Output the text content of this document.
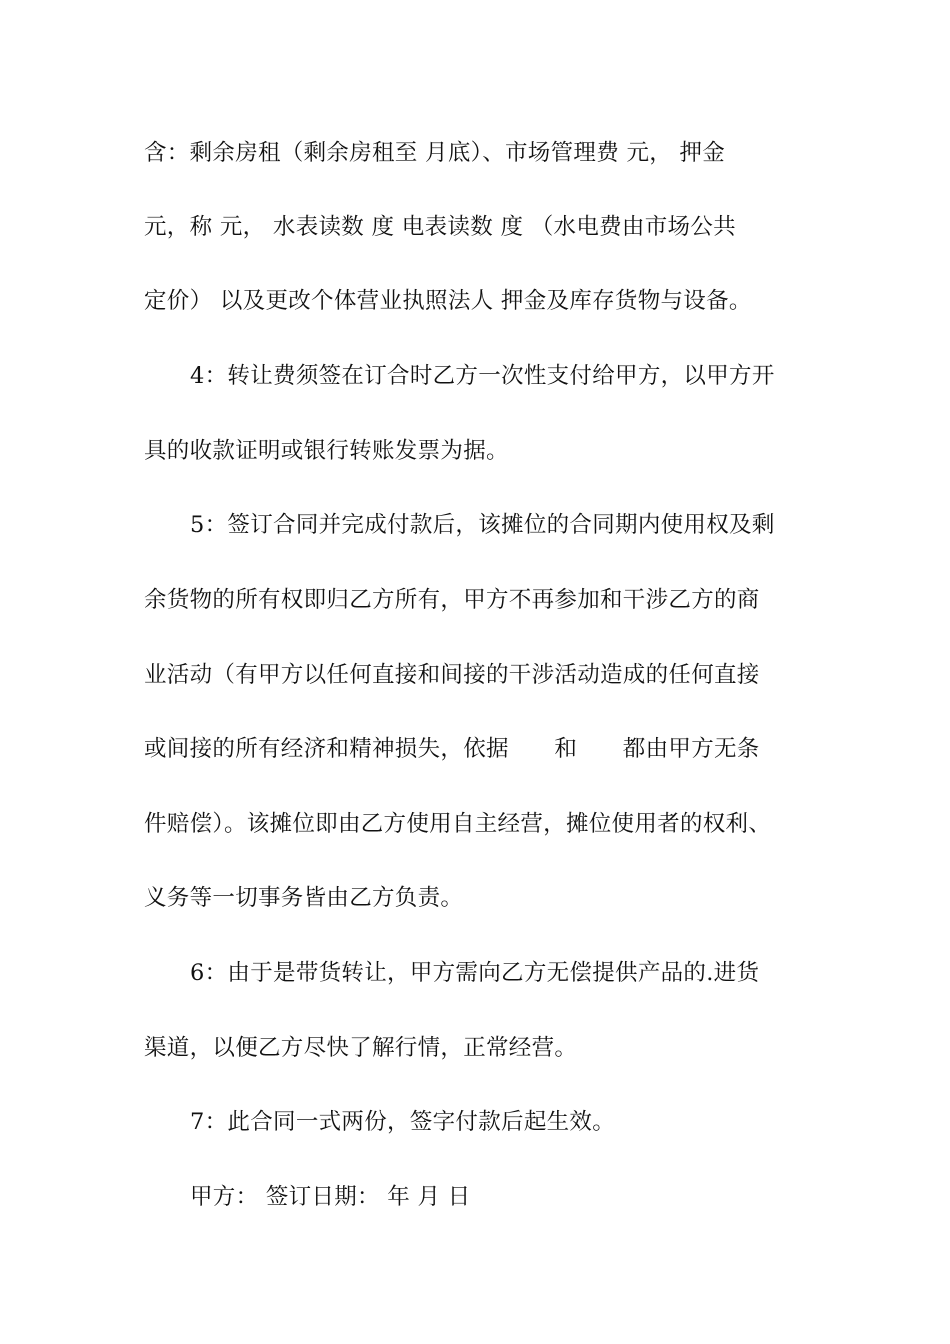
含：剩余房租（剩余房租至 月底）、市场管理费 元， 押金
元，称 元， 水表读数 度 电表读数 度 （水电费由市场公共
定价） 以及更改个体营业执照法人 押金及库存货物与设备。
4：转让费须签在订合时乙方一次性支付给甲方，以甲方开
具的收款证明或银行转账发票为据。
5：签订合同并完成付款后，该摊位的合同期内使用权及剩
余货物的所有权即归乙方所有，甲方不再参加和干涉乙方的商
业活动（有甲方以任何直接和间接的干涉活动造成的任何直接
或间接的所有经济和精神损失，依据　　和　　都由甲方无条
件赔偿）。该摊位即由乙方使用自主经营，摊位使用者的权利、
义务等一切事务皆由乙方负责。
6：由于是带货转让，甲方需向乙方无偿提供产品的.进货
渠道，以便乙方尽快了解行情，正常经营。
7：此合同一式两份，签字付款后起生效。
甲方： 签订日期： 年 月 日
